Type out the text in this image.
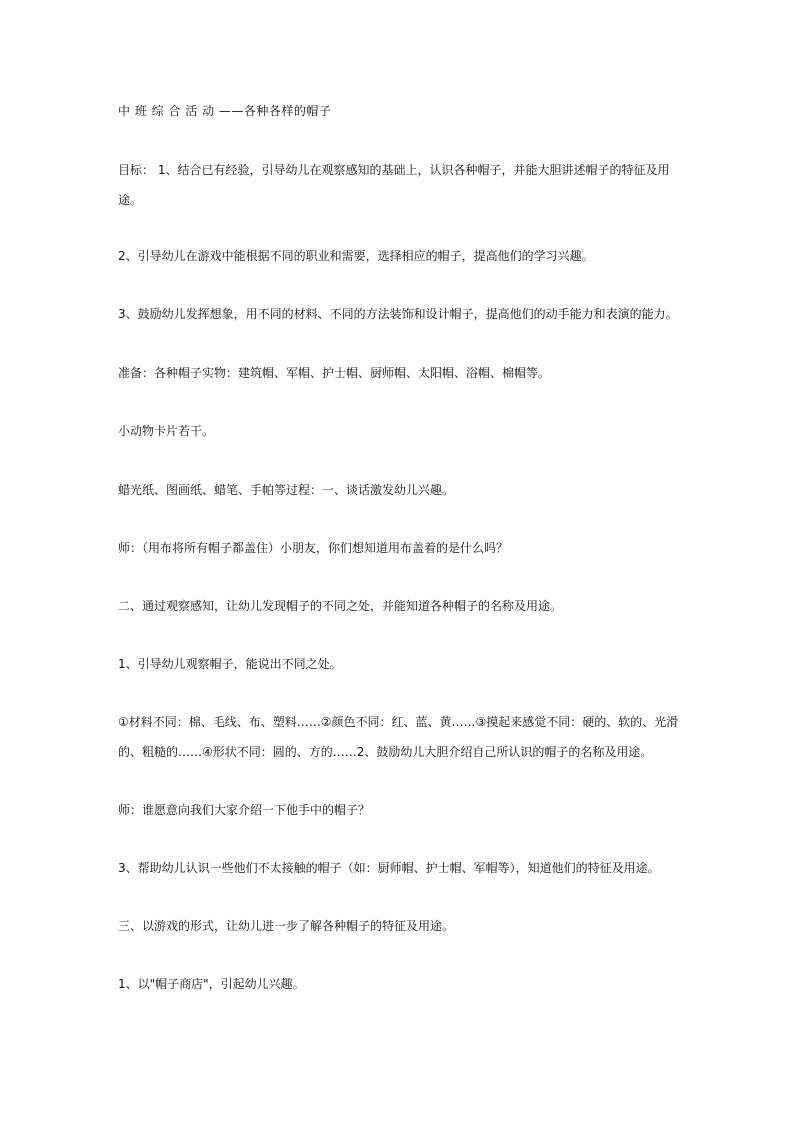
中 班 综 合 活 动 ——各种各样的帽子

目标： 1、结合已有经验，引导幼儿在观察感知的基础上，认识各种帽子，并能大胆讲述帽子的特征及用途。

2、引导幼儿在游戏中能根据不同的职业和需要，选择相应的帽子，提高他们的学习兴趣。

3、鼓励幼儿发挥想象，用不同的材料、不同的方法装饰和设计帽子，提高他们的动手能力和表演的能力。

准备：各种帽子实物：建筑帽、军帽、护士帽、厨师帽、太阳帽、浴帽、棉帽等。

小动物卡片若干。

蜡光纸、图画纸、蜡笔、手帕等过程：一、谈话激发幼儿兴趣。

师：（用布将所有帽子都盖住）小朋友，你们想知道用布盖着的是什么吗？

二、通过观察感知，让幼儿发现帽子的不同之处，并能知道各种帽子的名称及用途。

1、引导幼儿观察帽子，能说出不同之处。

①材料不同：棉、毛线、布、塑料……②颜色不同：红、蓝、黄……③摸起来感觉不同：硬的、软的、光滑的、粗糙的……④形状不同：圆的、方的……2、鼓励幼儿大胆介绍自己所认识的帽子的名称及用途。

师：谁愿意向我们大家介绍一下他手中的帽子？

3、帮助幼儿认识一些他们不太接触的帽子（如：厨师帽、护士帽、军帽等），知道他们的特征及用途。

三、以游戏的形式，让幼儿进一步了解各种帽子的特征及用途。

1、以"帽子商店"，引起幼儿兴趣。
